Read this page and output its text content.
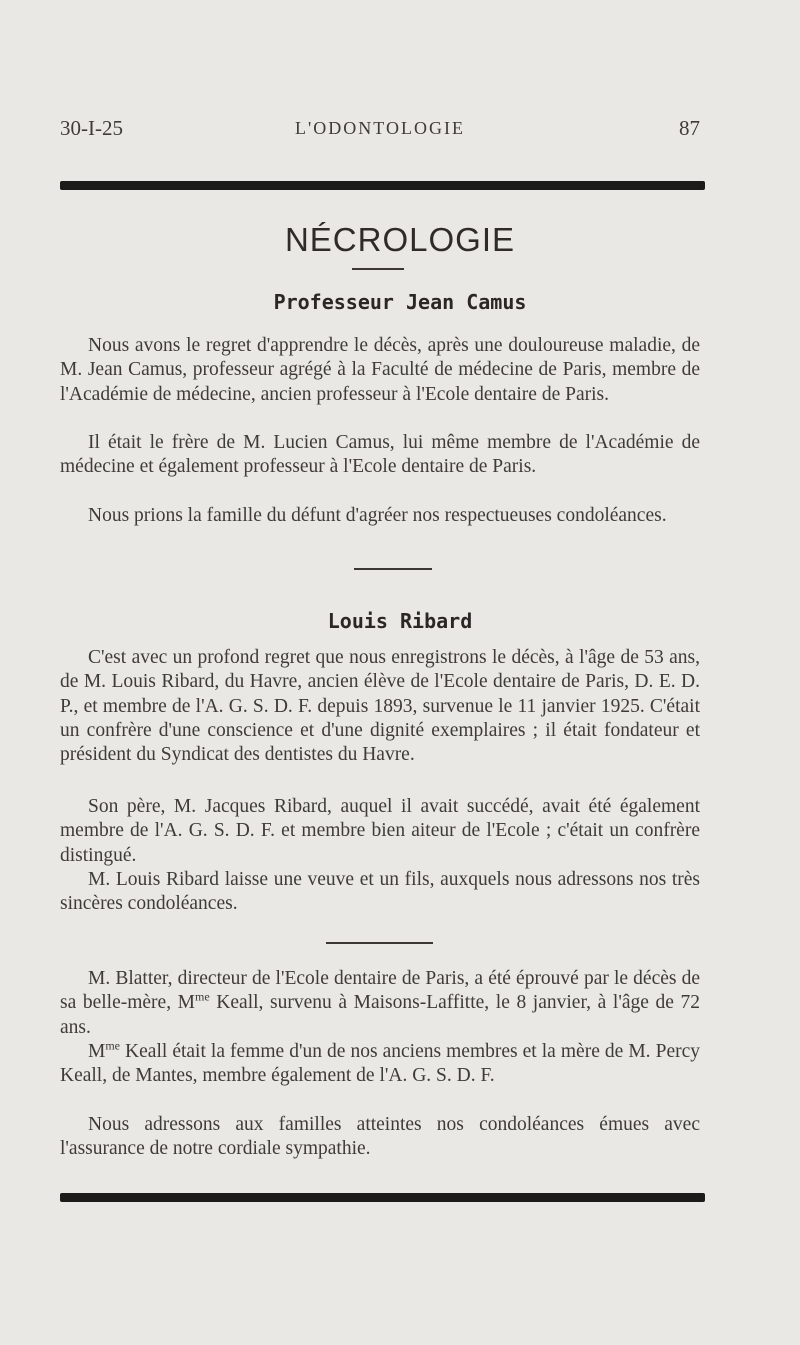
30-I-25	L'ODONTOLOGIE	87
NÉCROLOGIE
Professeur Jean Camus

Nous avons le regret d'apprendre le décès, après une douloureuse maladie, de M. Jean Camus, professeur agrégé à la Faculté de médecine de Paris, membre de l'Académie de médecine, ancien professeur à l'Ecole dentaire de Paris.

Il était le frère de M. Lucien Camus, lui même membre de l'Académie de médecine et également professeur à l'Ecole dentaire de Paris.

Nous prions la famille du défunt d'agréer nos respectueuses condoléances.

Louis Ribard

C'est avec un profond regret que nous enregistrons le décès, à l'âge de 53 ans, de M. Louis Ribard, du Havre, ancien élève de l'Ecole dentaire de Paris, D. E. D. P., et membre de l'A. G. S. D. F. depuis 1893, survenue le 11 janvier 1925. C'était un confrère d'une conscience et d'une dignité exemplaires ; il était fondateur et président du Syndicat des dentistes du Havre.

Son père, M. Jacques Ribard, auquel il avait succédé, avait été également membre de l'A. G. S. D. F. et membre bien aiteur de l'Ecole ; c'était un confrère distingué.

M. Louis Ribard laisse une veuve et un fils, auxquels nous adressons nos très sincères condoléances.

M. Blatter, directeur de l'Ecole dentaire de Paris, a été éprouvé par le décès de sa belle-mère, $M^{me}$ Keall, survenu à Maisons-Laffitte, le 8 janvier, à l'âge de 72 ans.

$M^{me}$ Keall était la femme d'un de nos anciens membres et la mère de M. Percy Keall, de Mantes, membre également de l'A. G. S. D. F.

Nous adressons aux familles atteintes nos condoléances émues avec l'assurance de notre cordiale sympathie.
